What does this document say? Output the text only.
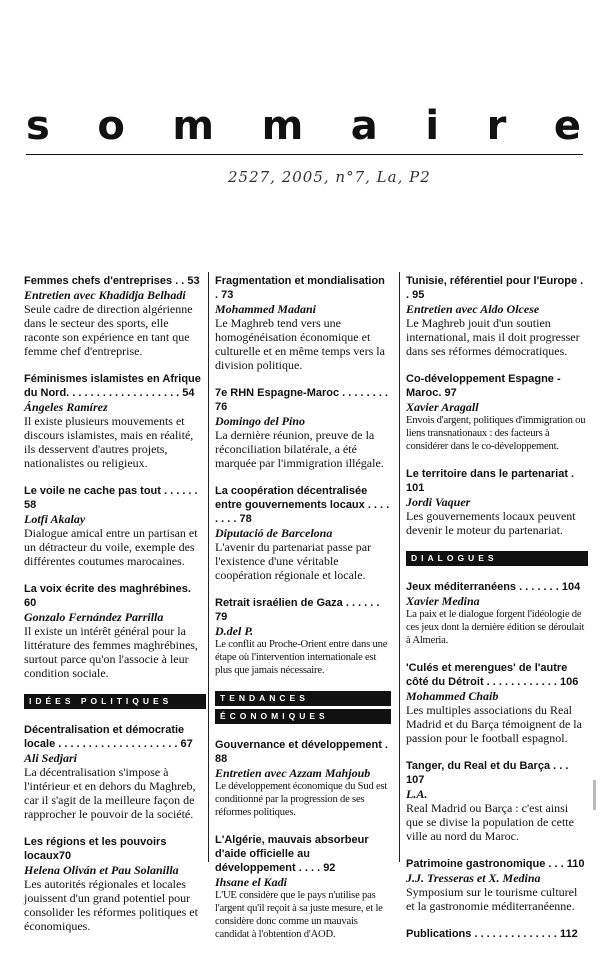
s o m m a i r e
2527, 2005, n°7, La, P2
Femmes chefs d'entreprises . . 53
Entretien avec Khadidja Belhadi
Seule cadre de direction algérienne dans le secteur des sports, elle raconte son expérience en tant que femme chef d'entreprise.
Féminismes islamistes en Afrique du Nord. . . . . . . . . . . . . . . . . . . 54
Ángeles Ramírez
Il existe plusieurs mouvements et discours islamistes, mais en réalité, ils desservent d'autres projets, nationalistes ou religieux.
Le voile ne cache pas tout . . . . . . 58
Lotfi Akalay
Dialogue amical entre un partisan et un détracteur du voile, exemple des différentes coutumes marocaines.
La voix écrite des maghrébines. 60
Gonzalo Fernández Parrilla
Il existe un intérêt général pour la littérature des femmes maghrébines, surtout parce qu'on l'associe à leur condition sociale.
IDÉES POLITIQUES
Décentralisation et démocratie locale . . . . . . . . . . . . . . . . . . . . 67
Ali Sedjari
La décentralisation s'impose à l'intérieur et en dehors du Maghreb, car il s'agit de la meilleure façon de rapprocher le pouvoir de la société.
Les régions et les pouvoirs locaux70
Helena Oliván et Pau Solanilla
Les autorités régionales et locales jouissent d'un grand potentiel pour consolider les réformes politiques et économiques.
Fragmentation et mondialisation . 73
Mohammed Madani
Le Maghreb tend vers une homogénéisation économique et culturelle et en même temps vers la division politique.
7e RHN Espagne-Maroc . . . . . . . . 76
Domingo del Pino
La dernière réunion, preuve de la réconciliation bilatérale, a été marquée par l'immigration illégale.
La coopération décentralisée entre gouvernements locaux . . . . . . . . 78
Diputació de Barcelona
L'avenir du partenariat passe par l'existence d'une véritable coopération régionale et locale.
Retrait israélien de Gaza . . . . . . 79
D.del P.
Le conflit au Proche-Orient entre dans une étape où l'intervention internationale est plus que jamais nécessaire.
TENDANCES
ÉCONOMIQUES
Gouvernance et développement . 88
Entretien avec Azzam Mahjoub
Le développement économique du Sud est conditionné par la progression de ses réformes politiques.
L'Algérie, mauvais absorbeur d'aide officielle au développement . . . . 92
Ihsane el Kadi
L'UE considère que le pays n'utilise pas l'argent qu'il reçoit à sa juste mesure, et le considère donc comme un mauvais candidat à l'obtention d'AOD.
Tunisie, référentiel pour l'Europe . . 95
Entretien avec Aldo Olcese
Le Maghreb jouit d'un soutien international, mais il doit progresser dans ses réformes démocratiques.
Co-développement Espagne - Maroc. 97
Xavier Aragall
Envois d'argent, politiques d'immigration ou liens transnationaux : des facteurs à considérer dans le co-développement.
Le territoire dans le partenariat . 101
Jordi Vaquer
Les gouvernements locaux peuvent devenir le moteur du partenariat.
DIALOGUES
Jeux méditerranéens . . . . . . . 104
Xavier Medina
La paix et le dialogue forgent l'idéologie de ces jeux dont la dernière édition se déroulait à Almeria.
'Culés et merengues' de l'autre côté du Détroit . . . . . . . . . . . . 106
Mohammed Chaib
Les multiples associations du Real Madrid et du Barça témoignent de la passion pour le football espagnol.
Tanger, du Real et du Barça . . . 107
L.A.
Real Madrid ou Barça : c'est ainsi que se divise la population de cette ville au nord du Maroc.
Patrimoine gastronomique . . . 110
J.J. Tresseras et X. Medina
Symposium sur le tourisme culturel et la gastronomie méditerranéenne.
Publications . . . . . . . . . . . . . . 112
